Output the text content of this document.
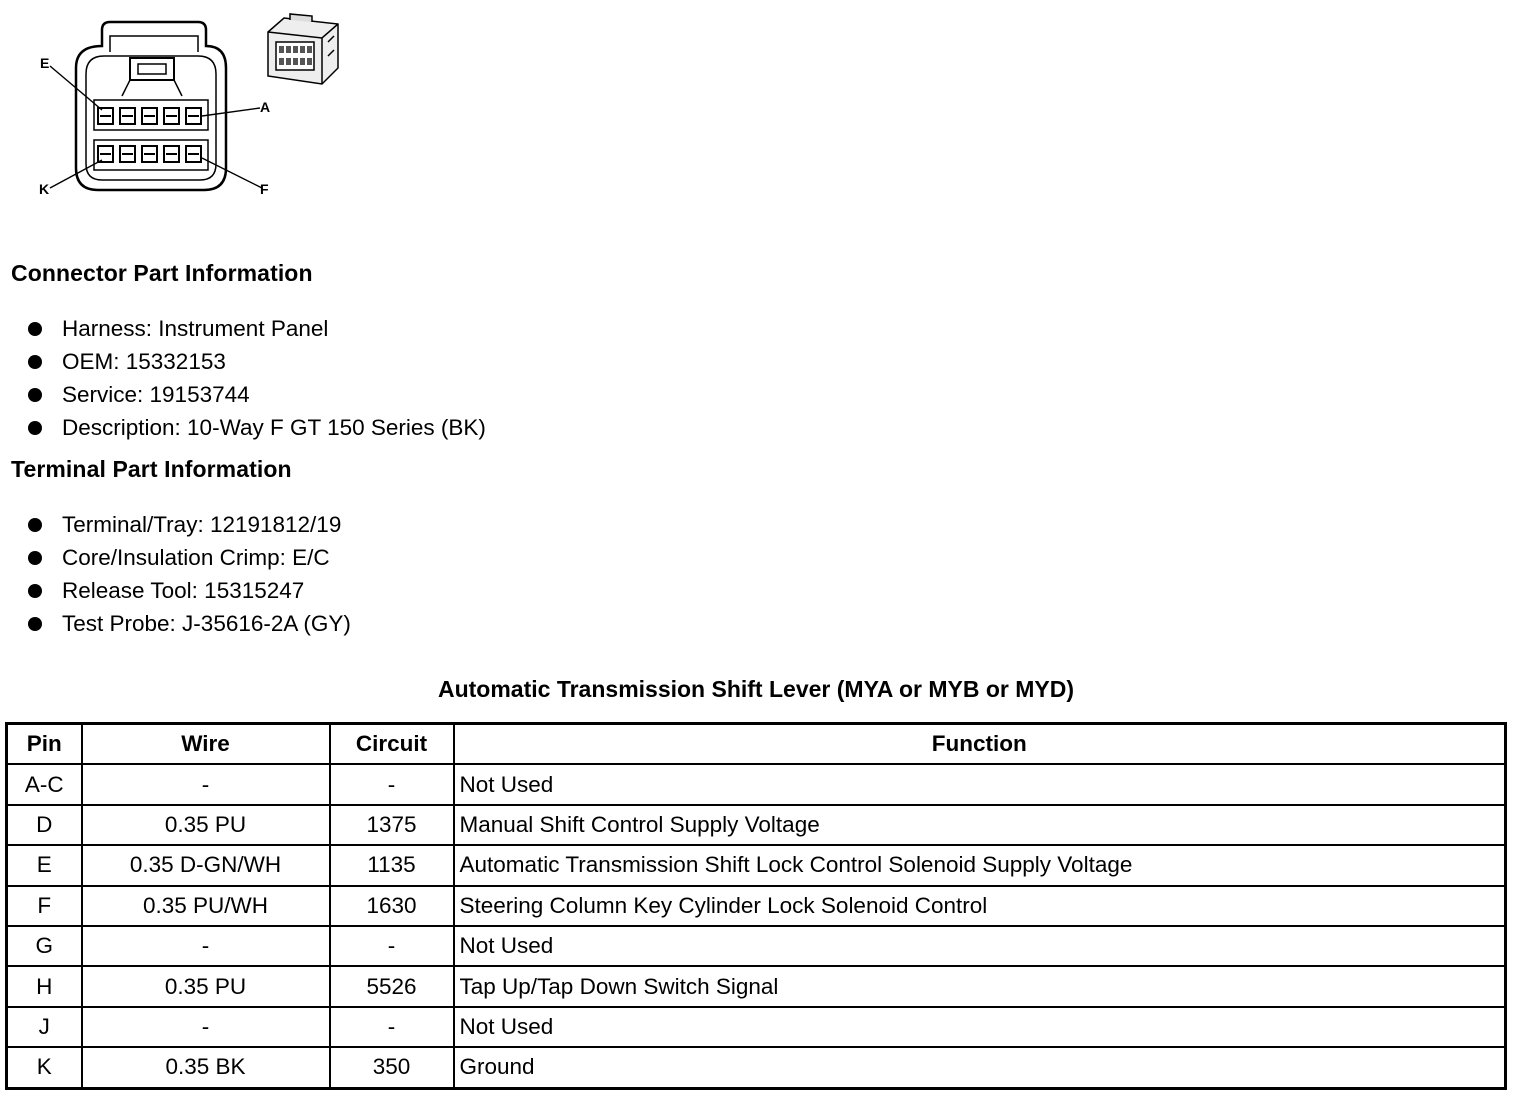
E
A
K	F
Connector Part Information
Harness: Instrument Panel
OEM: 15332153
Service: 19153744
Description: 10-Way F GT 150 Series (BK)
Terminal Part Information
Terminal/Tray: 12191812/19
Core/Insulation Crimp: E/C
Release Tool: 15315247
Test Probe: J-35616-2A (GY)
Automatic Transmission Shift Lever (MYA or MYB or MYD)
Pin	Wire	Circuit	Function
A-C	-	-	Not Used
D	0.35 PU	1375	Manual Shift Control Supply Voltage
E	0.35 D-GN/WH	1135	Automatic Transmission Shift Lock Control Solenoid Supply Voltage
F	0.35 PU/WH	1630	Steering Column Key Cylinder Lock Solenoid Control
G	-	-	Not Used
H	0.35 PU	5526	Tap Up/Tap Down Switch Signal
J	-	-	Not Used
K	0.35 BK	350	Ground
